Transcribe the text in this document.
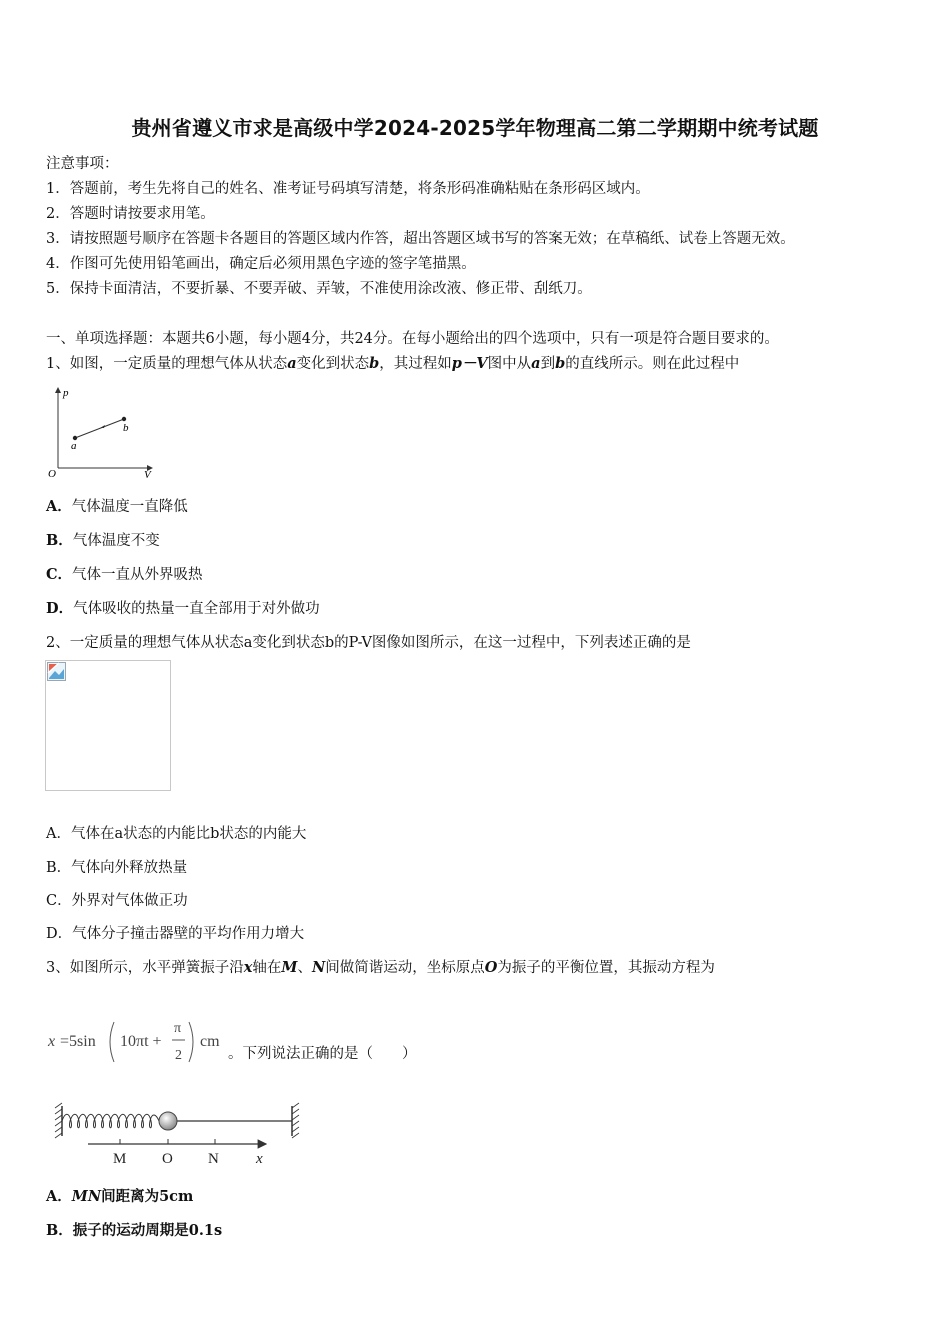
贵州省遵义市求是高级中学2024-2025学年物理高二第二学期期中统考试题
注意事项：
1．答题前，考生先将自己的姓名、准考证号码填写清楚，将条形码准确粘贴在条形码区域内。
2．答题时请按要求用笔。
3．请按照题号顺序在答题卡各题目的答题区域内作答，超出答题区域书写的答案无效；在草稿纸、试卷上答题无效。
4．作图可先使用铅笔画出，确定后必须用黑色字迹的签字笔描黑。
5．保持卡面清洁，不要折暴、不要弄破、弄皱，不准使用涂改液、修正带、刮纸刀。
一、单项选择题：本题共6小题，每小题4分，共24分。在每小题给出的四个选项中，只有一项是符合题目要求的。
1、如图，一定质量的理想气体从状态a变化到状态b，其过程如p－V图中从a到b的直线所示。则在此过程中
p
V
O
a
b
A．气体温度一直降低
B．气体温度不变
C．气体一直从外界吸热
D．气体吸收的热量一直全部用于对外做功
2、一定质量的理想气体从状态a变化到状态b的P-V图像如图所示，在这一过程中，下列表述正确的是
A．气体在a状态的内能比b状态的内能大
B．气体向外释放热量
C．外界对气体做正功
D．气体分子撞击器壁的平均作用力增大
3、如图所示，水平弹簧振子沿x轴在M、N间做简谐运动，坐标原点O为振子的平衡位置，其振动方程为
x =5sin 10πt +
π
2
cm
。下列说法正确的是（　　）
M O N x
A．MN间距离为5cm
B．振子的运动周期是0.1s
